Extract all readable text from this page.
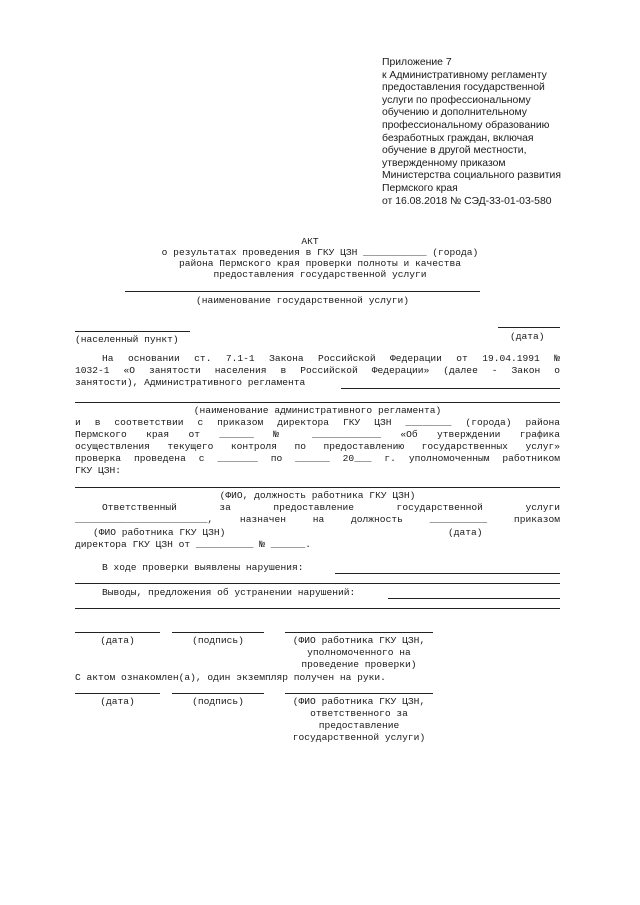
Приложение 7
к Административному регламенту
предоставления государственной
услуги по профессиональному
обучению и дополнительному
профессиональному образованию
безработных граждан, включая
обучение в другой местности,
утвержденному приказом
Министерства социального развития
Пермского края
от 16.08.2018 № СЭД-33-01-03-580
АКТ
о результатах проведения в ГКУ ЦЗН ___________ (города)
района Пермского края проверки полноты и качества
предоставления государственной услуги
(наименование государственной услуги)
(населенный пункт)	(дата)
На основании ст. 7.1-1 Закона Российской Федерации от 19.04.1991 №
1032-1 «О занятости населения в Российской Федерации» (далее - Закон о
занятости), Административного регламента
(наименование административного регламента)
и в соответствии с приказом директора ГКУ ЦЗН ________ (города) района
Пермского края от ______ № ____________ «Об утверждении графика
осуществления текущего контроля по предоставлению государственных услуг»
проверка проведена с _______ по ______ 20___ г. уполномоченным работником
ГКУ ЦЗН:
(ФИО, должность работника ГКУ ЦЗН)
Ответственный за предоставление государственной услуги
_______________________, назначен на должность __________ приказом
(ФИО работника ГКУ ЦЗН)	(дата)
директора ГКУ ЦЗН от __________ № ______.
В ходе проверки выявлены нарушения:
Выводы, предложения об устранении нарушений:
(дата)	(подпись)	(ФИО работника ГКУ ЦЗН,
уполномоченного на
проведение проверки)
С актом ознакомлен(а), один экземпляр получен на руки.
(дата)	(подпись)	(ФИО работника ГКУ ЦЗН,
ответственного за
предоставление
государственной услуги)
